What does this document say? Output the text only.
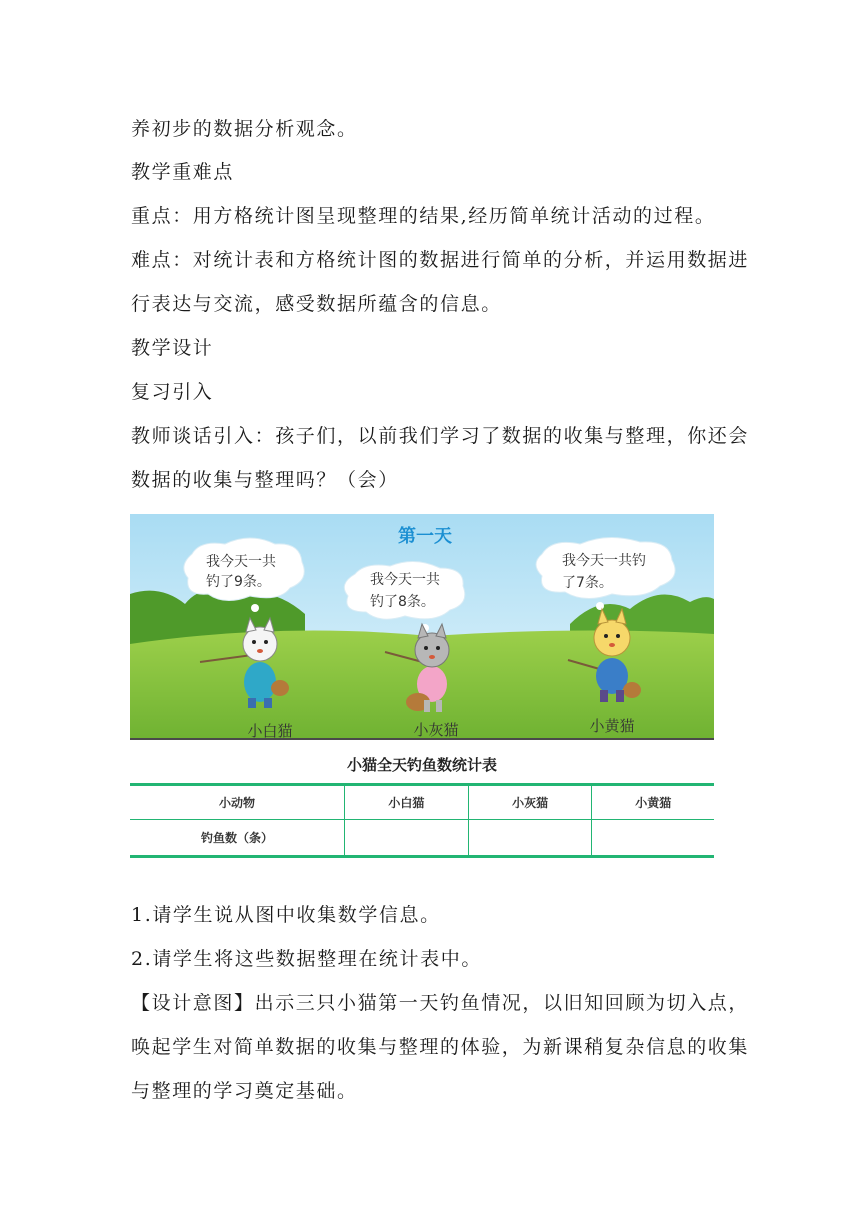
养初步的数据分析观念。
教学重难点
重点：用方格统计图呈现整理的结果,经历简单统计活动的过程。
难点：对统计表和方格统计图的数据进行简单的分析，并运用数据进
行表达与交流，感受数据所蕴含的信息。
教学设计
复习引入
教师谈话引入：孩子们，以前我们学习了数据的收集与整理，你还会
数据的收集与整理吗？（会）
第一天
我今天一共
钓了9条。	我今天一共
钓了8条。
我今天一共钓
了7条。
小白猫	小灰猫	小黄猫
小猫全天钓鱼数统计表
小动物	小白猫	小灰猫	小黄猫
钓鱼数（条）			
1.请学生说从图中收集数学信息。
2.请学生将这些数据整理在统计表中。
【设计意图】出示三只小猫第一天钓鱼情况，以旧知回顾为切入点，
唤起学生对简单数据的收集与整理的体验，为新课稍复杂信息的收集
与整理的学习奠定基础。
